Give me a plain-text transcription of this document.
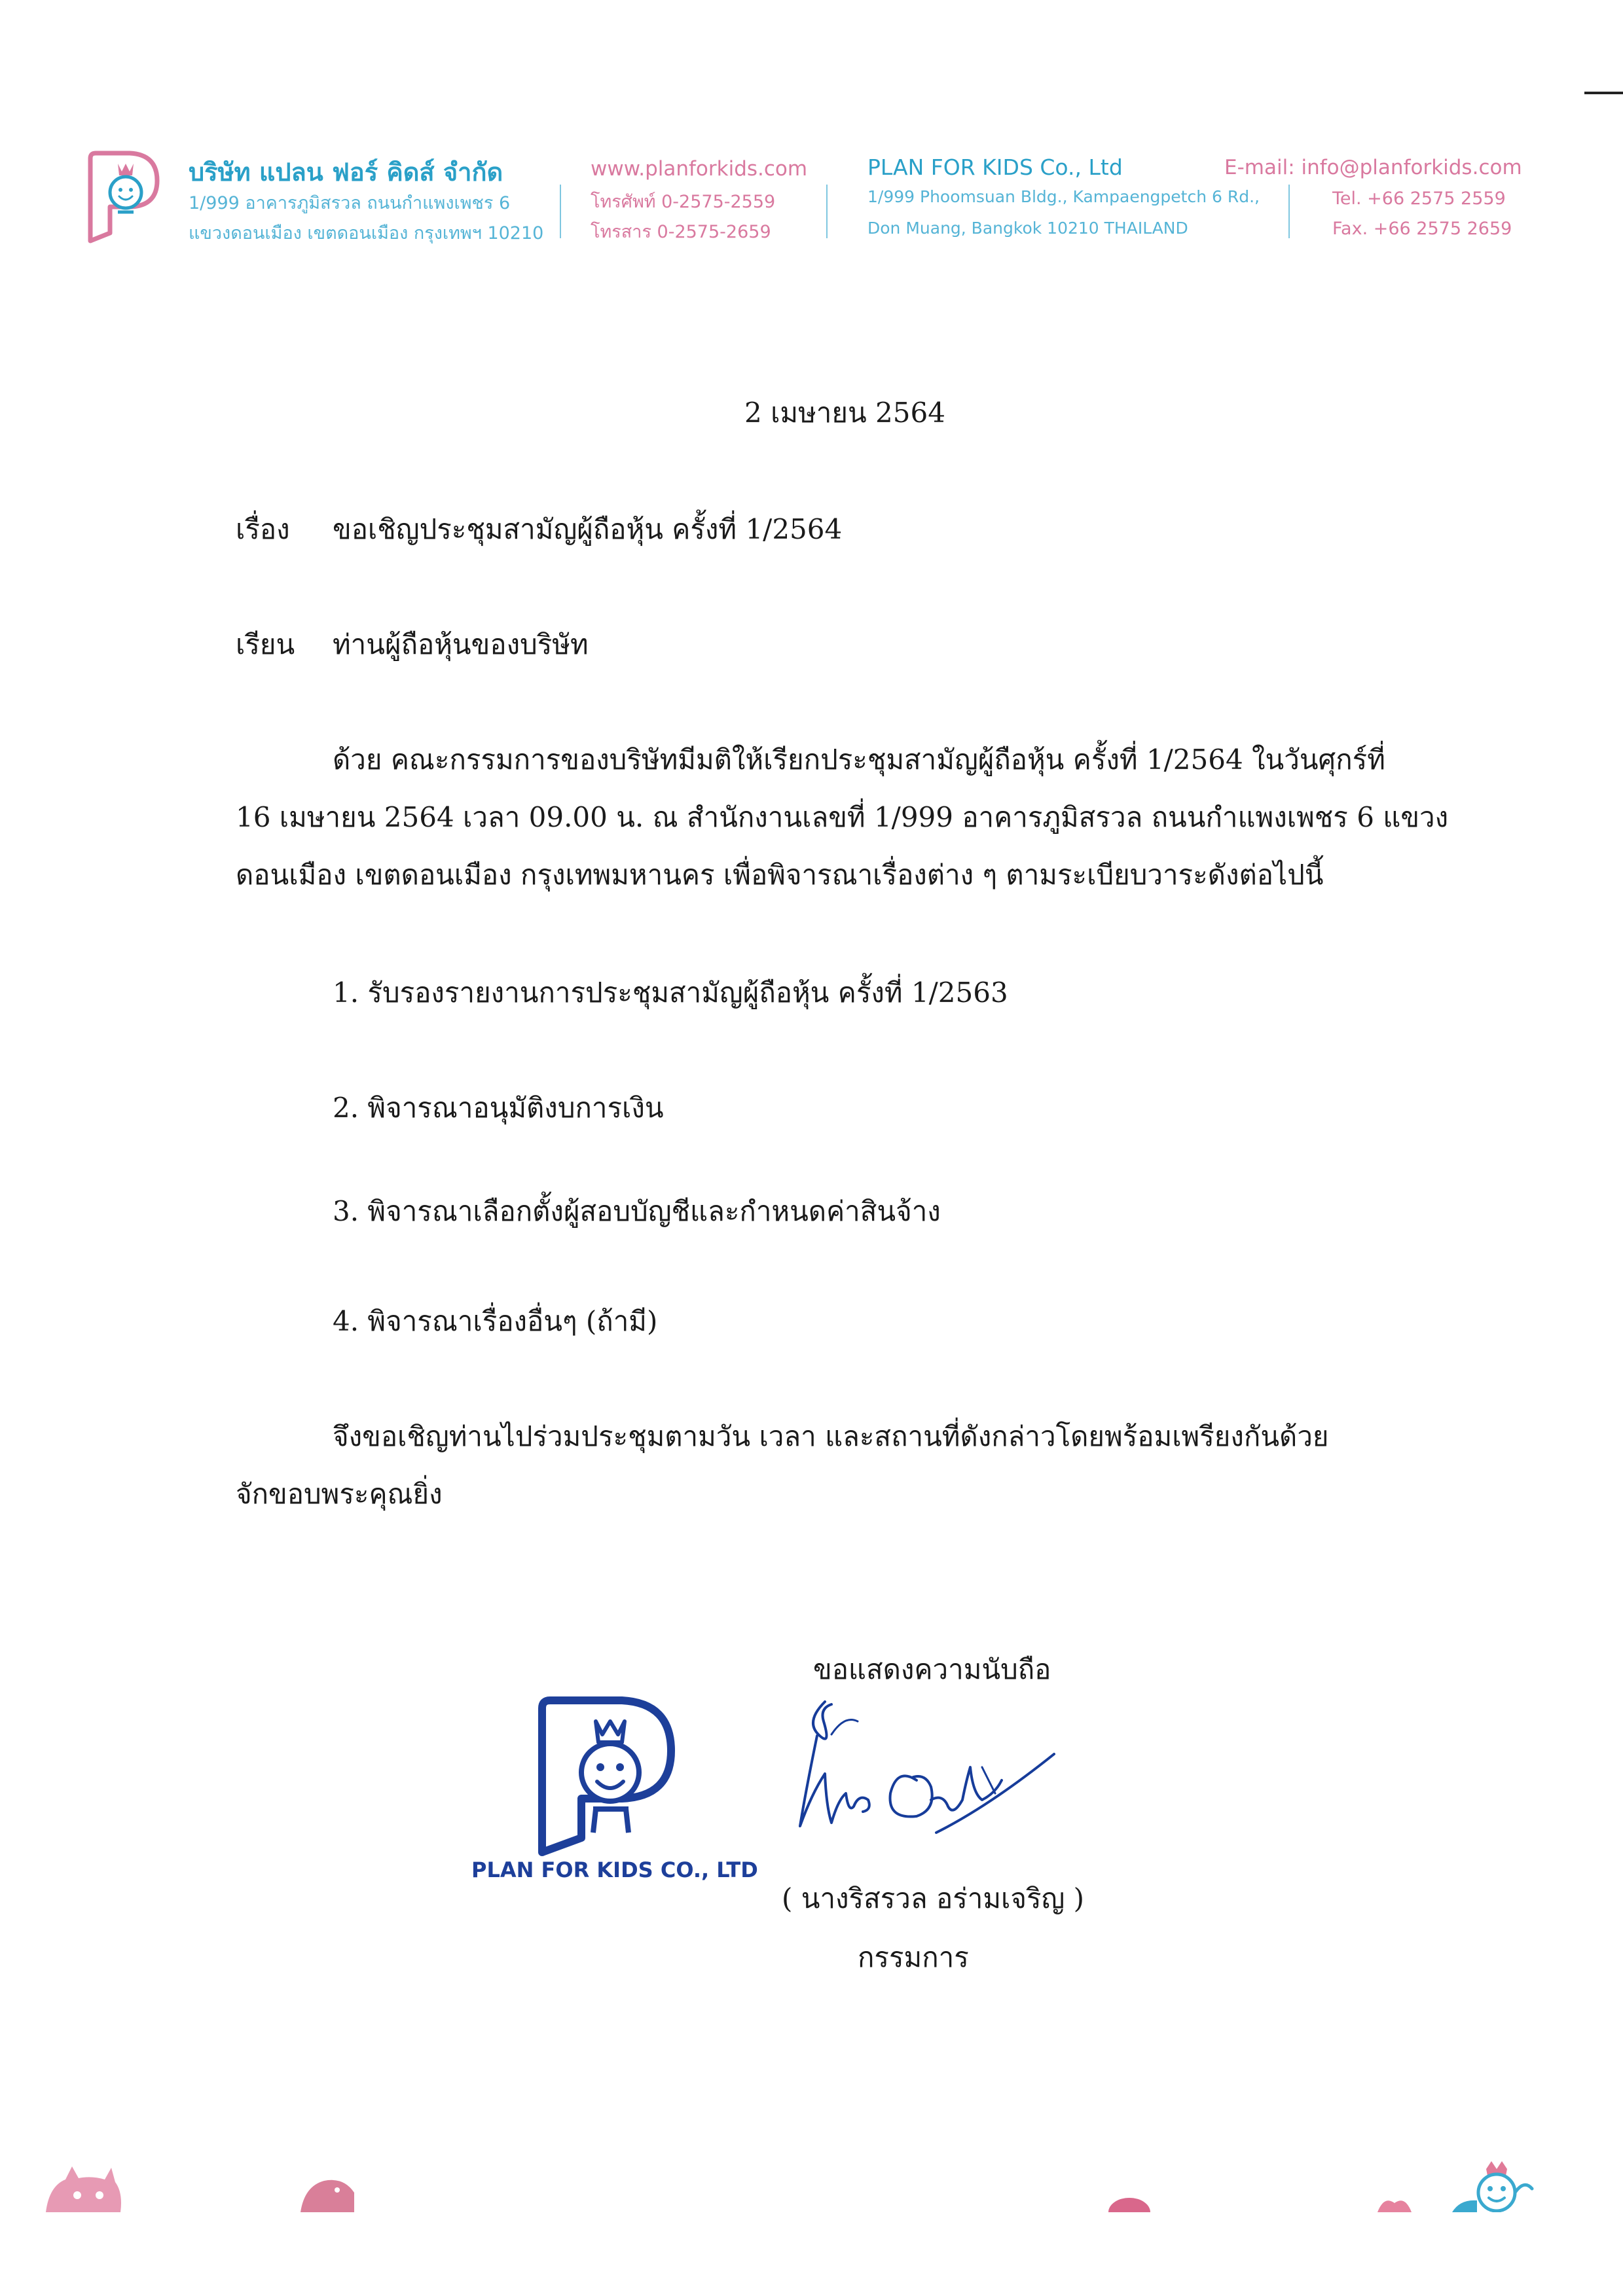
บริษัท แปลน ฟอร์ คิดส์ จำกัด
1/999 อาคารภูมิสรวล ถนนกำแพงเพชร 6
แขวงดอนเมือง เขตดอนเมือง กรุงเทพฯ 10210
www.planforkids.com
โทรศัพท์ 0-2575-2559
โทรสาร 0-2575-2659
PLAN FOR KIDS Co., Ltd
1/999 Phoomsuan Bldg., Kampaengpetch 6 Rd.,
Don Muang, Bangkok 10210 THAILAND
E-mail: info@planforkids.com
Tel. +66 2575 2559
Fax. +66 2575 2659
2 เมษายน 2564
เรื่อง ขอเชิญประชุมสามัญผู้ถือหุ้น ครั้งที่ 1/2564
เรียน ท่านผู้ถือหุ้นของบริษัท
ด้วย คณะกรรมการของบริษัทมีมติให้เรียกประชุมสามัญผู้ถือหุ้น ครั้งที่ 1/2564 ในวันศุกร์ที่
16 เมษายน 2564 เวลา 09.00 น. ณ สำนักงานเลขที่ 1/999 อาคารภูมิสรวล ถนนกำแพงเพชร 6 แขวง
ดอนเมือง เขตดอนเมือง กรุงเทพมหานคร เพื่อพิจารณาเรื่องต่าง ๆ ตามระเบียบวาระดังต่อไปนี้
1. รับรองรายงานการประชุมสามัญผู้ถือหุ้น ครั้งที่ 1/2563
2. พิจารณาอนุมัติงบการเงิน
3. พิจารณาเลือกตั้งผู้สอบบัญชีและกำหนดค่าสินจ้าง
4. พิจารณาเรื่องอื่นๆ (ถ้ามี)
จึงขอเชิญท่านไปร่วมประชุมตามวัน เวลา และสถานที่ดังกล่าวโดยพร้อมเพรียงกันด้วย
จักขอบพระคุณยิ่ง
ขอแสดงความนับถือ
PLAN FOR KIDS CO., LTD
( นางริสรวล อร่ามเจริญ )
กรรมการ
